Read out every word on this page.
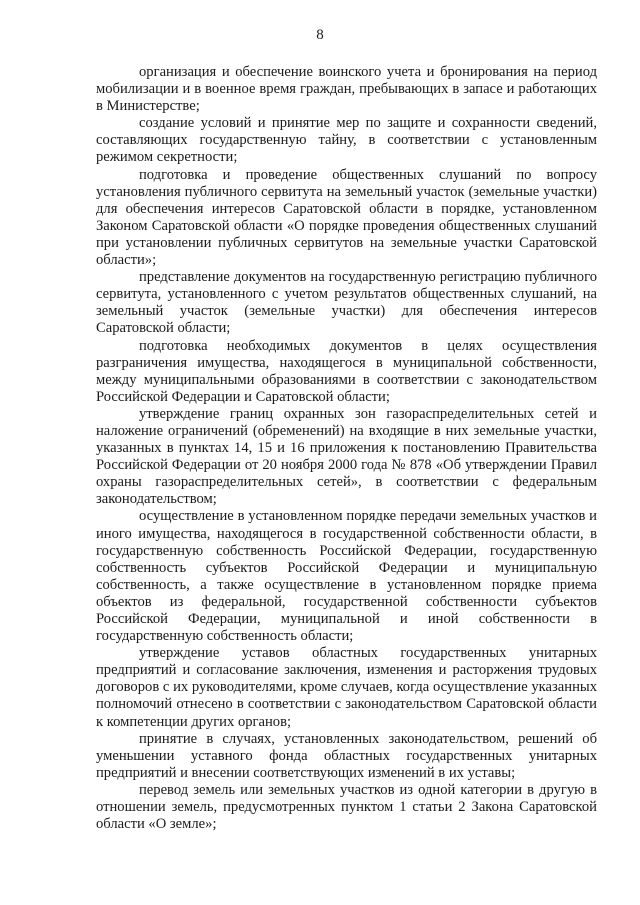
8

организация и обеспечение воинского учета и бронирования на период мобилизации и в военное время граждан, пребывающих в запасе и работающих в Министерстве;

создание условий и принятие мер по защите и сохранности сведений, составляющих государственную тайну, в соответствии с установленным режимом секретности;

подготовка и проведение общественных слушаний по вопросу установления публичного сервитута на земельный участок (земельные участки) для обеспечения интересов Саратовской области в порядке, установленном Законом Саратовской области «О порядке проведения общественных слушаний при установлении публичных сервитутов на земельные участки Саратовской области»;

представление документов на государственную регистрацию публичного сервитута, установленного с учетом результатов общественных слушаний, на земельный участок (земельные участки) для обеспечения интересов Саратовской области;

подготовка необходимых документов в целях осуществления разграничения имущества, находящегося в муниципальной собственности, между муниципальными образованиями в соответствии с законодательством Российской Федерации и Саратовской области;

утверждение границ охранных зон газораспределительных сетей и наложение ограничений (обременений) на входящие в них земельные участки, указанных в пунктах 14, 15 и 16 приложения к постановлению Правительства Российской Федерации от 20 ноября 2000 года № 878 «Об утверждении Правил охраны газораспределительных сетей», в соответствии с федеральным законодательством;

осуществление в установленном порядке передачи земельных участков и иного имущества, находящегося в государственной собственности области, в государственную собственность Российской Федерации, государственную собственность субъектов Российской Федерации и муниципальную собственность, а также осуществление в установленном порядке приема объектов из федеральной, государственной собственности субъектов Российской Федерации, муниципальной и иной собственности в государственную собственность области;

утверждение уставов областных государственных унитарных предприятий и согласование заключения, изменения и расторжения трудовых договоров с их руководителями, кроме случаев, когда осуществление указанных полномочий отнесено в соответствии с законодательством Саратовской области к компетенции других органов;

принятие в случаях, установленных законодательством, решений об уменьшении уставного фонда областных государственных унитарных предприятий и внесении соответствующих изменений в их уставы;

перевод земель или земельных участков из одной категории в другую в отношении земель, предусмотренных пунктом 1 статьи 2 Закона Саратовской области «О земле»;
